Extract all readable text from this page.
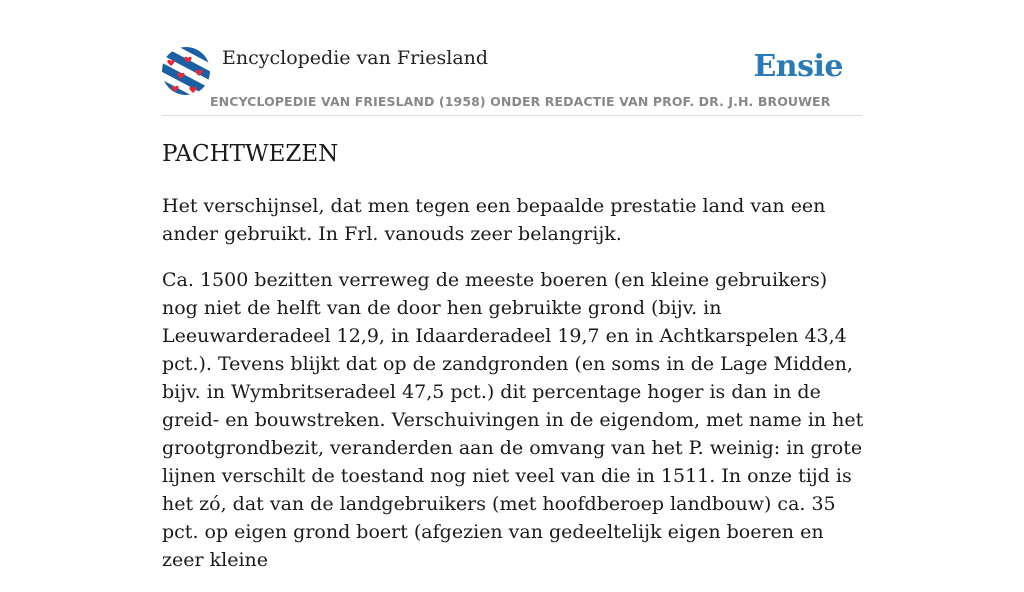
Encyclopedie van Friesland	Ensie
ENCYCLOPEDIE VAN FRIESLAND (1958) ONDER REDACTIE VAN PROF. DR. J.H. BROUWER
PACHTWEZEN

Het verschijnsel, dat men tegen een bepaalde prestatie land van een ander gebruikt. In Frl. vanouds zeer belangrijk.

Ca. 1500 bezitten verreweg de meeste boeren (en kleine gebruikers) nog niet de helft van de door hen gebruikte grond (bijv. in Leeuwarderadeel 12,9, in Idaarderadeel 19,7 en in Achtkarspelen 43,4 pct.). Tevens blijkt dat op de zandgronden (en soms in de Lage Midden, bijv. in Wymbritseradeel 47,5 pct.) dit percentage hoger is dan in de greid- en bouwstreken. Verschuivingen in de eigendom, met name in het grootgrondbezit, veranderden aan de omvang van het P. weinig: in grote lijnen verschilt de toestand nog niet veel van die in 1511. In onze tijd is het zó, dat van de landgebruikers (met hoofdberoep landbouw) ca. 35 pct. op eigen grond boert (afgezien van gedeeltelijk eigen boeren en zeer kleine
